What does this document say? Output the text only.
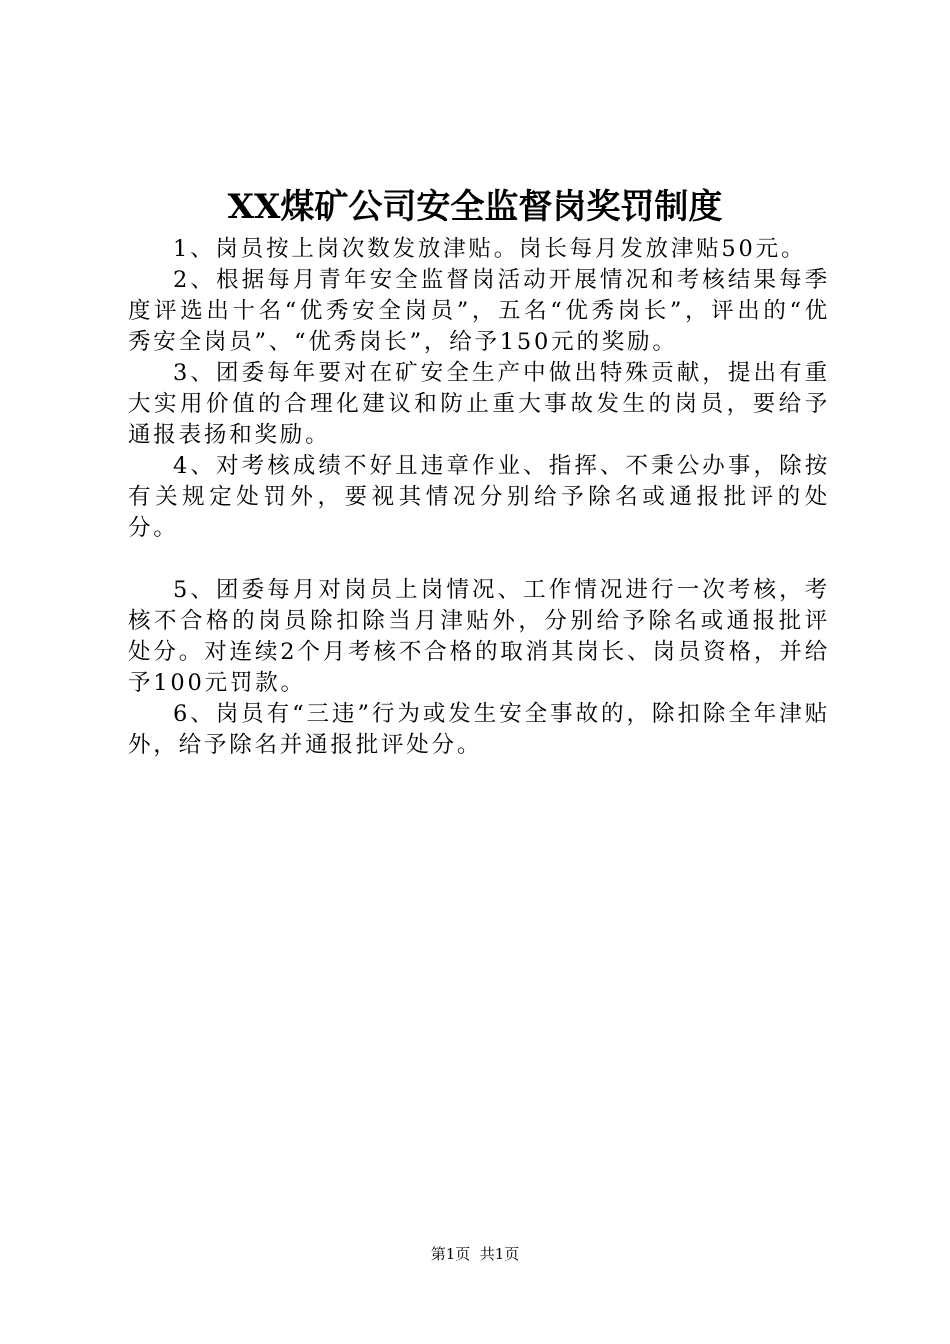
XX煤矿公司安全监督岗奖罚制度

1、岗员按上岗次数发放津贴。岗长每月发放津贴50元。

2、根据每月青年安全监督岗活动开展情况和考核结果每季度评选出十名“优秀安全岗员”，五名“优秀岗长”，评出的“优秀安全岗员”、“优秀岗长”，给予150元的奖励。

3、团委每年要对在矿安全生产中做出特殊贡献，提出有重大实用价值的合理化建议和防止重大事故发生的岗员，要给予通报表扬和奖励。

4、对考核成绩不好且违章作业、指挥、不秉公办事，除按有关规定处罚外，要视其情况分别给予除名或通报批评的处分。

5、团委每月对岗员上岗情况、工作情况进行一次考核，考核不合格的岗员除扣除当月津贴外，分别给予除名或通报批评处分。对连续2个月考核不合格的取消其岗长、岗员资格，并给予100元罚款。

6、岗员有“三违”行为或发生安全事故的，除扣除全年津贴外，给予除名并通报批评处分。

第1页  共1页
